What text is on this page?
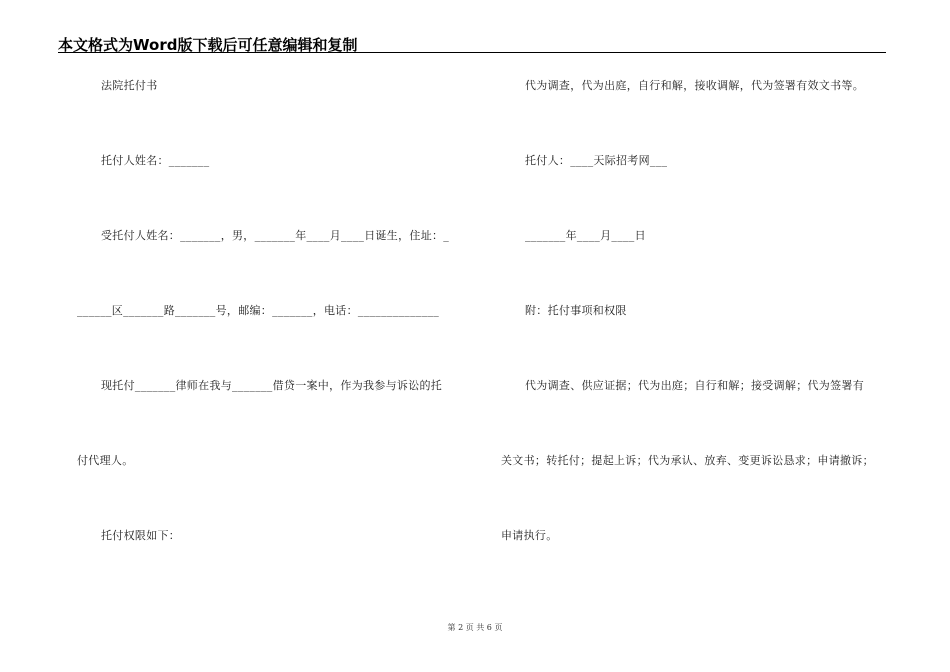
本文格式为Word版下载后可任意编辑和复制
法院托付书
托付人姓名：_______
受托付人姓名：_______，男，_______年____月____日诞生，住址：_
______区_______路_______号，邮编：_______，电话：______________
现托付_______律师在我与_______借贷一案中，作为我参与诉讼的托
付代理人。
托付权限如下：
代为调查，代为出庭，自行和解，接收调解，代为签署有效文书等。
托付人：____天际招考网___
_______年____月____日
附：托付事项和权限
代为调查、供应证据；代为出庭；自行和解；接受调解；代为签署有
关文书；转托付；提起上诉；代为承认、放弃、变更诉讼恳求；申请撤诉；
申请执行。
第 2 页 共 6 页
